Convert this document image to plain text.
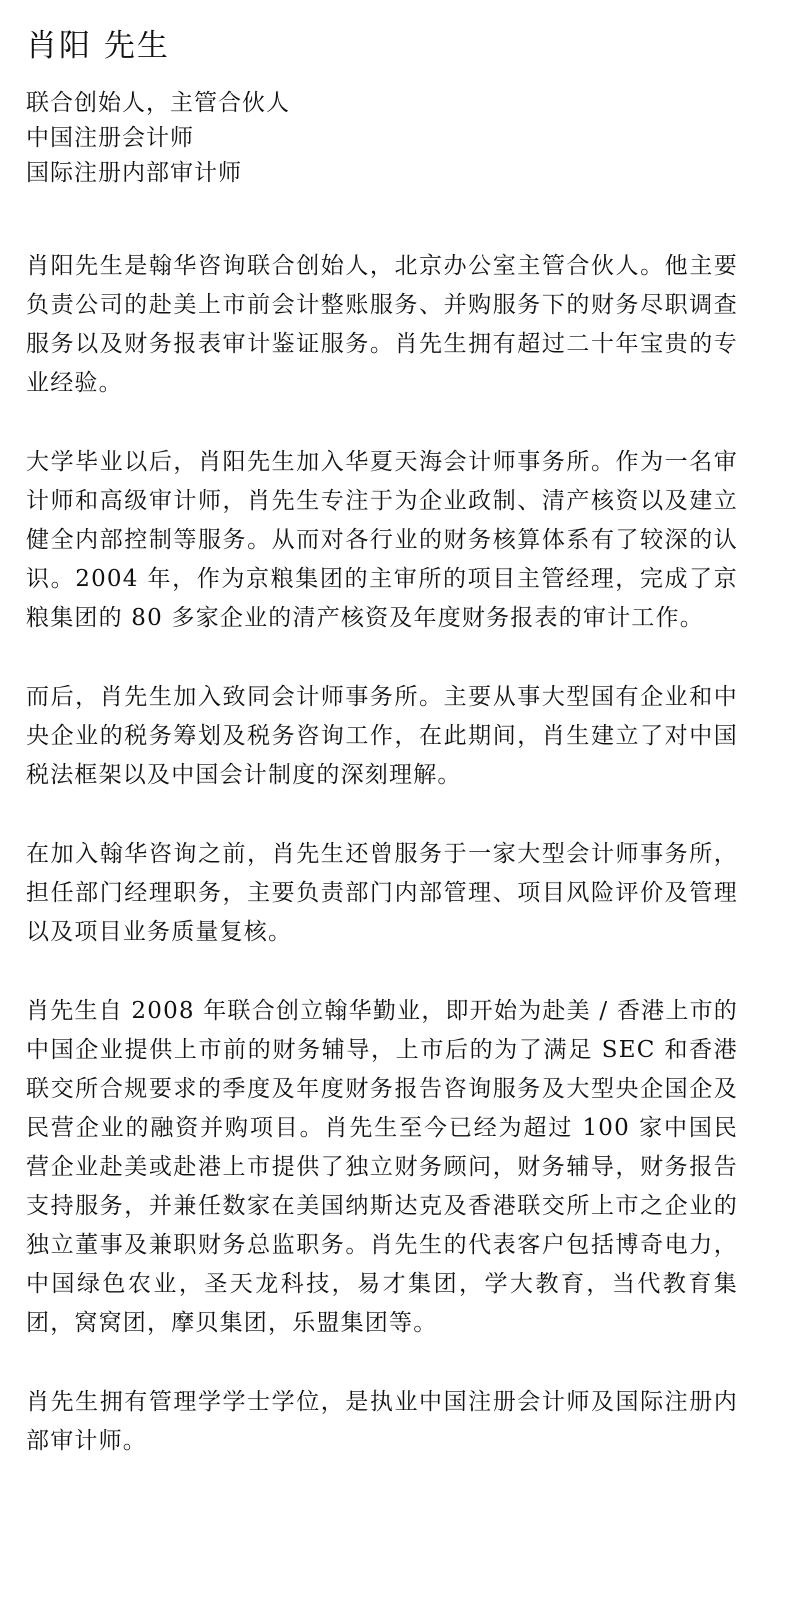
肖阳 先生
联合创始人，主管合伙人
中国注册会计师
国际注册内部审计师

肖阳先生是翰华咨询联合创始人，北京办公室主管合伙人。他主要负责公司的赴美上市前会计整账服务、并购服务下的财务尽职调查服务以及财务报表审计鉴证服务。肖先生拥有超过二十年宝贵的专业经验。

大学毕业以后，肖阳先生加入华夏天海会计师事务所。作为一名审计师和高级审计师，肖先生专注于为企业政制、清产核资以及建立健全内部控制等服务。从而对各行业的财务核算体系有了较深的认识。2004 年，作为京粮集团的主审所的项目主管经理，完成了京粮集团的 80 多家企业的清产核资及年度财务报表的审计工作。

而后，肖先生加入致同会计师事务所。主要从事大型国有企业和中央企业的税务筹划及税务咨询工作，在此期间，肖生建立了对中国税法框架以及中国会计制度的深刻理解。

在加入翰华咨询之前，肖先生还曾服务于一家大型会计师事务所，担任部门经理职务，主要负责部门内部管理、项目风险评价及管理以及项目业务质量复核。

肖先生自 2008 年联合创立翰华勤业，即开始为赴美 / 香港上市的中国企业提供上市前的财务辅导，上市后的为了满足 SEC 和香港联交所合规要求的季度及年度财务报告咨询服务及大型央企国企及民营企业的融资并购项目。肖先生至今已经为超过 100 家中国民营企业赴美或赴港上市提供了独立财务顾问，财务辅导，财务报告支持服务，并兼任数家在美国纳斯达克及香港联交所上市之企业的独立董事及兼职财务总监职务。肖先生的代表客户包括博奇电力，中国绿色农业，圣天龙科技，易才集团，学大教育，当代教育集团，窝窝团，摩贝集团，乐盟集团等。

肖先生拥有管理学学士学位，是执业中国注册会计师及国际注册内部审计师。
